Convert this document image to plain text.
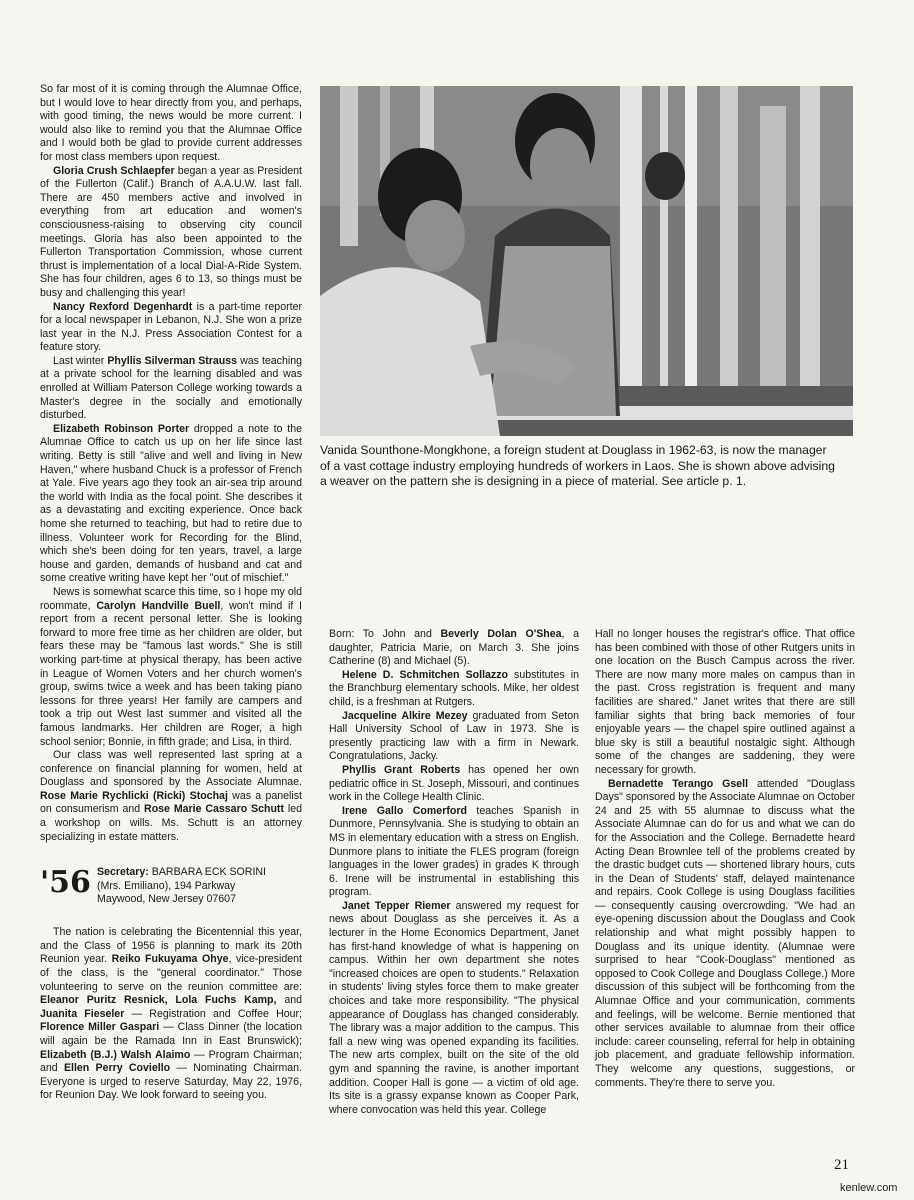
So far most of it is coming through the Alumnae Office, but I would love to hear directly from you, and perhaps, with good timing, the news would be more current. I would also like to remind you that the Alumnae Office and I would both be glad to provide current addresses for most class members upon request.

Gloria Crush Schlaepfer began a year as President of the Fullerton (Calif.) Branch of A.A.U.W. last fall. There are 450 members active and involved in everything from art education and women's consciousness-raising to observing city council meetings. Gloria has also been appointed to the Fullerton Transportation Commission, whose current thrust is implementation of a local Dial-A-Ride System. She has four children, ages 6 to 13, so things must be busy and challenging this year!

Nancy Rexford Degenhardt is a part-time reporter for a local newspaper in Lebanon, N.J. She won a prize last year in the N.J. Press Association Contest for a feature story.

Last winter Phyllis Silverman Strauss was teaching at a private school for the learning disabled and was enrolled at William Paterson College working towards a Master's degree in the socially and emotionally disturbed.

Elizabeth Robinson Porter dropped a note to the Alumnae Office to catch us up on her life since last writing. Betty is still "alive and well and living in New Haven," where husband Chuck is a professor of French at Yale. Five years ago they took an air-sea trip around the world with India as the focal point. She describes it as a devastating and exciting experience. Once back home she returned to teaching, but had to retire due to illness. Volunteer work for Recording for the Blind, which she's been doing for ten years, travel, a large house and garden, demands of husband and cat and some creative writing have kept her "out of mischief."

News is somewhat scarce this time, so I hope my old roommate, Carolyn Handville Buell, won't mind if I report from a recent personal letter. She is looking forward to more free time as her children are older, but fears these may be "famous last words." She is still working part-time at physical therapy, has been active in League of Women Voters and her church women's group, swims twice a week and has been taking piano lessons for three years! Her family are campers and took a trip out West last summer and visited all the famous landmarks. Her children are Roger, a high school senior; Bonnie, in fifth grade; and Lisa, in third.

Our class was well represented last spring at a conference on financial planning for women, held at Douglass and sponsored by the Associate Alumnae. Rose Marie Rychlicki (Ricki) Stochaj was a panelist on consumerism and Rose Marie Cassaro Schutt led a workshop on wills. Ms. Schutt is an attorney specializing in estate matters.

'56 Secretary: BARBARA ECK SORINI
(Mrs. Emiliano), 194 Parkway
Maywood, New Jersey 07607

The nation is celebrating the Bicentennial this year, and the Class of 1956 is planning to mark its 20th Reunion year. Reiko Fukuyama Ohye, vice-president of the class, is the "general coordinator." Those volunteering to serve on the reunion committee are: Eleanor Puritz Resnick, Lola Fuchs Kamp, and Juanita Fieseler — Registration and Coffee Hour; Florence Miller Gaspari — Class Dinner (the location will again be the Ramada Inn in East Brunswick); Elizabeth (B.J.) Walsh Alaimo — Program Chairman; and Ellen Perry Coviello — Nominating Chairman. Everyone is urged to reserve Saturday, May 22, 1976, for Reunion Day. We look forward to seeing you.

Vanida Sounthone-Mongkhone, a foreign student at Douglass in 1962-63, is now the manager of a vast cottage industry employing hundreds of workers in Laos. She is shown above advising a weaver on the pattern she is designing in a piece of material. See article p. 1.

Born: To John and Beverly Dolan O'Shea, a daughter, Patricia Marie, on March 3. She joins Catherine (8) and Michael (5).

Helene D. Schmitchen Sollazzo substitutes in the Branchburg elementary schools. Mike, her oldest child, is a freshman at Rutgers.

Jacqueline Alkire Mezey graduated from Seton Hall University School of Law in 1973. She is presently practicing law with a firm in Newark. Congratulations, Jacky.

Phyllis Grant Roberts has opened her own pediatric office in St. Joseph, Missouri, and continues work in the College Health Clinic.

Irene Gallo Comerford teaches Spanish in Dunmore, Pennsylvania. She is studying to obtain an MS in elementary education with a stress on English. Dunmore plans to initiate the FLES program (foreign languages in the lower grades) in grades K through 6. Irene will be instrumental in establishing this program.

Janet Tepper Riemer answered my request for news about Douglass as she perceives it. As a lecturer in the Home Economics Department, Janet has first-hand knowledge of what is happening on campus. Within her own department she notes "increased choices are open to students." Relaxation in students' living styles force them to make greater choices and take more responsibility. "The physical appearance of Douglass has changed considerably. The library was a major addition to the campus. This fall a new wing was opened expanding its facilities. The new arts complex, built on the site of the old gym and spanning the ravine, is another important addition. Cooper Hall is gone — a victim of old age. Its site is a grassy expanse known as Cooper Park, where convocation was held this year. College

Hall no longer houses the registrar's office. That office has been combined with those of other Rutgers units in one location on the Busch Campus across the river. There are now many more males on campus than in the past. Cross registration is frequent and many facilities are shared." Janet writes that there are still familiar sights that bring back memories of four enjoyable years — the chapel spire outlined against a blue sky is still a beautiful nostalgic sight. Although some of the changes are saddening, they were necessary for growth.

Bernadette Terango Gsell attended "Douglass Days" sponsored by the Associate Alumnae on October 24 and 25 with 55 alumnae to discuss what the Associate Alumnae can do for us and what we can do for the Association and the College. Bernadette heard Acting Dean Brownlee tell of the problems created by the drastic budget cuts — shortened library hours, cuts in the Dean of Students' staff, delayed maintenance and repairs. Cook College is using Douglass facilities — consequently causing overcrowding. "We had an eye-opening discussion about the Douglass and Cook relationship and what might possibly happen to Douglass and its unique identity. (Alumnae were surprised to hear "Cook-Douglass" mentioned as opposed to Cook College and Douglass College.) More discussion of this subject will be forthcoming from the Alumnae Office and your communication, comments and feelings, will be welcome. Bernie mentioned that other services available to alumnae from their office include: career counseling, referral for help in obtaining job placement, and graduate fellowship information. They welcome any questions, suggestions, or comments. They're there to serve you.

21
kenlew.com
